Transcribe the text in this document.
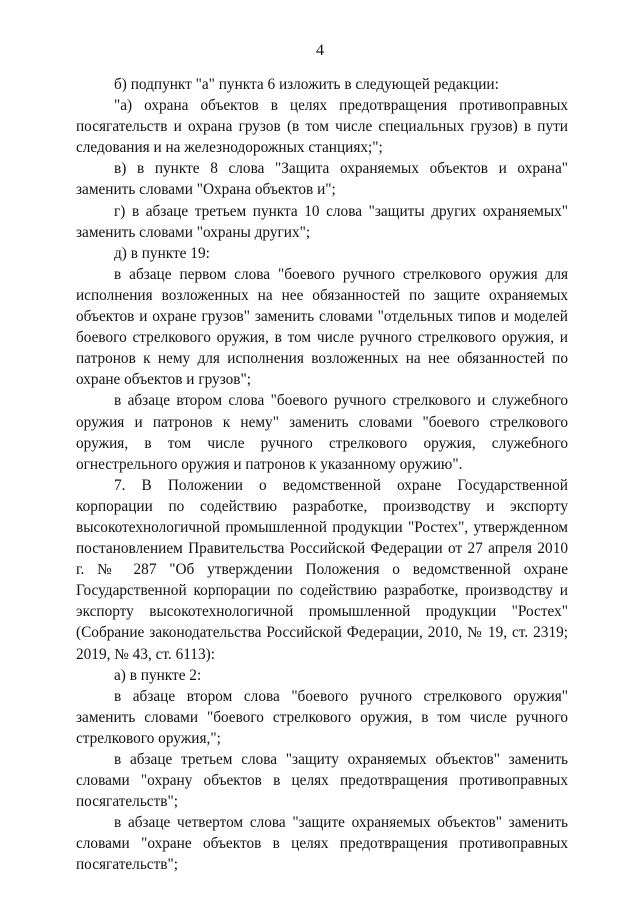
4

б) подпункт "а" пункта 6 изложить в следующей редакции:

"а) охрана объектов в целях предотвращения противоправных посягательств и охрана грузов (в том числе специальных грузов) в пути следования и на железнодорожных станциях;";

в) в пункте 8 слова "Защита охраняемых объектов и охрана" заменить словами "Охрана объектов и";

г) в абзаце третьем пункта 10 слова "защиты других охраняемых" заменить словами "охраны других";

д) в пункте 19:

в абзаце первом слова "боевого ручного стрелкового оружия для исполнения возложенных на нее обязанностей по защите охраняемых объектов и охране грузов" заменить словами "отдельных типов и моделей боевого стрелкового оружия, в том числе ручного стрелкового оружия, и патронов к нему для исполнения возложенных на нее обязанностей по охране объектов и грузов";

в абзаце втором слова "боевого ручного стрелкового и служебного оружия и патронов к нему" заменить словами "боевого стрелкового оружия, в том числе ручного стрелкового оружия, служебного огнестрельного оружия и патронов к указанному оружию".

7. В Положении о ведомственной охране Государственной корпорации по содействию разработке, производству и экспорту высокотехнологичной промышленной продукции "Ростех", утвержденном постановлением Правительства Российской Федерации от 27 апреля 2010 г. № 287 "Об утверждении Положения о ведомственной охране Государственной корпорации по содействию разработке, производству и экспорту высокотехнологичной промышленной продукции "Ростех" (Собрание законодательства Российской Федерации, 2010, № 19, ст. 2319; 2019, № 43, ст. 6113):

а) в пункте 2:

в абзаце втором слова "боевого ручного стрелкового оружия" заменить словами "боевого стрелкового оружия, в том числе ручного стрелкового оружия,";

в абзаце третьем слова "защиту охраняемых объектов" заменить словами "охрану объектов в целях предотвращения противоправных посягательств";

в абзаце четвертом слова "защите охраняемых объектов" заменить словами "охране объектов в целях предотвращения противоправных посягательств";
